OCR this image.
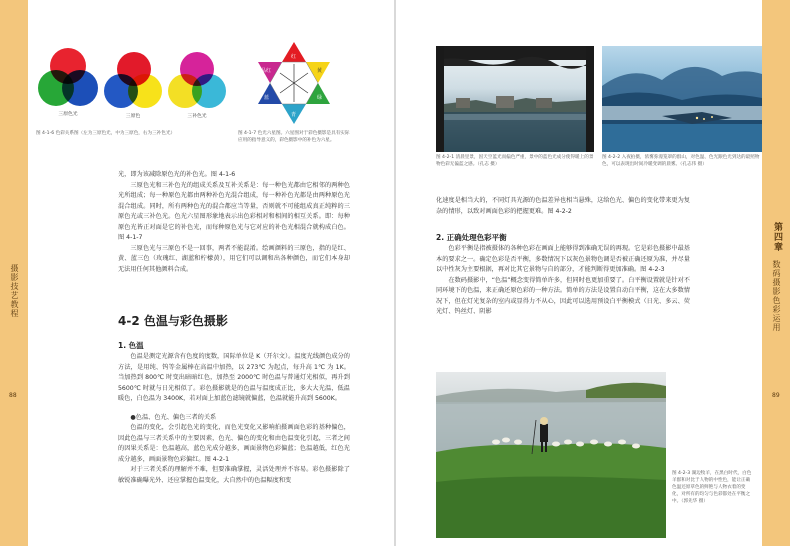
摄影技艺教程
88
三原色光	三原色	三补色光
红
黄
绿
青
蓝
品红
图 4-1-6 色彩关系图（左为三原色光，中为三原色，右为三补色光）	图 4-1-7 色光六星图。六星图对于彩色摄影是具有实际应用的指导意义的，彩色摄影中的补色为六星。

光，即为该减除原色光的补色光。图 4-1-6

三原色光和三补色光的组成关系及互补关系是：每一种色光都由它相邻的两种色光所组成；每一种原色光都由两种补色光混合组成，每一种补色光都是由两种原色光混合组成。同时，所有两种色光的混合都应当等量，否则就不可能组成真正纯粹的三原色光或三补色光。色光六星图形象地表示出色彩相对和相间的相互关系。即：每种原色光皆正对面是它的补色光，而每种原色光与它对应的补色光相混合就构成白色。图 4-1-7

三原色光与三原色不是一回事，两者不能混淆。绘画颜料的三原色，指的是红、黄、蓝三色（玫瑰红、湖蓝和柠檬黄），用它们可以调和出各种颜色，而它们本身却无法用任何其他颜料合成。

4-2 色温与彩色摄影
1. 色温

色温是测定光源含有色度的度数，国际单位是 K（开尔文）。温度光线颜色成分的方法，是用纯、钨等金属棒在高温中加热，以 273℃ 为起点，每升高 1℃ 为 1K。当加热到 800℃ 时变出暗暗红色，加热至 2000℃ 时色温与普通灯光相似，再升到 5600℃ 时就与日光相似了。彩色摄影就是的色温与温度成正比，多大大光温，低温暖色，白色温为 3400K，若对面上加蓝色滤镜就偏蓝，色温就能升高到 5600K。

●色温、色光、偏色三者的关系

色温的变化，会引起色光的变化，而色光变化又影响拍摄画面色彩的基种偏色，因此色温与三者关系中的主要因素，色光、偏色的变化和由色温变化引起，三者之间的因果关系是：色温越高，蓝色光成分越多，画面景物色彩偏蓝；色温越低，红色光成分越多，画面景物色彩偏红。图 4-2-1

对于三者关系的理解并不难，但要准确掌握，灵活处理并不容易。彩色摄影除了敏锐准确曝光外、还应掌握色温变化，大自然中的色温幅度和变

图 4-2-1 清晨里景，因天空蓝光而偏色严重，景中的蓝色光成分使得暖上的景物色彩无偏蓝之感。（孔志 摄）
图 4-2-2 入夜拍摄，浓雾弥漫笼罩的群山，对色温、色光跟色光到达的最照物色，可以表现出时间冷暖变调的晨雾。（孔志伟 摄）

化速度是相当大的，不同灯具光源的色温差异也相当悬殊，这给色光、偏色的变化带来更为复杂的情形，以致对画面色彩的把握更难。图 4-2-2

2. 正确处理色彩平衡

色彩平衡是指被摄体的各种色彩在画面上能够得到准确无误的再现。它是彩色摄影中最基本的要求之一。确定色彩是否平衡，多数情况下以灰色景物色调是否被正确还原为准，并尽量以中性灰为主要根据，再对比其它景物与自的部分，才能判断得更加准确。图 4-2-3

在数码摄影中，“色温”概念变得简单许多，但同时也更加重要了。白平衡设置就是针对不同环境下的色温，来正确还原色彩的一种方法。简单的方法是设置自动白平衡，这在大多数情况下，但在灯光复杂的室内或显得力不从心，因此可以选用预设白平衡模式（日光、多云、荧光灯、钨丝灯、阴影

图 4-2-3 湖边牧羊，在黑白时代，白色羊群和对比于人物的中性色，能让正确色温还原草色的鲜艳与人物衣着的变化，对所有的均匀与色彩都处在平衡之中。（郭先华 摄）
第四章
数码摄影色彩运用
89
